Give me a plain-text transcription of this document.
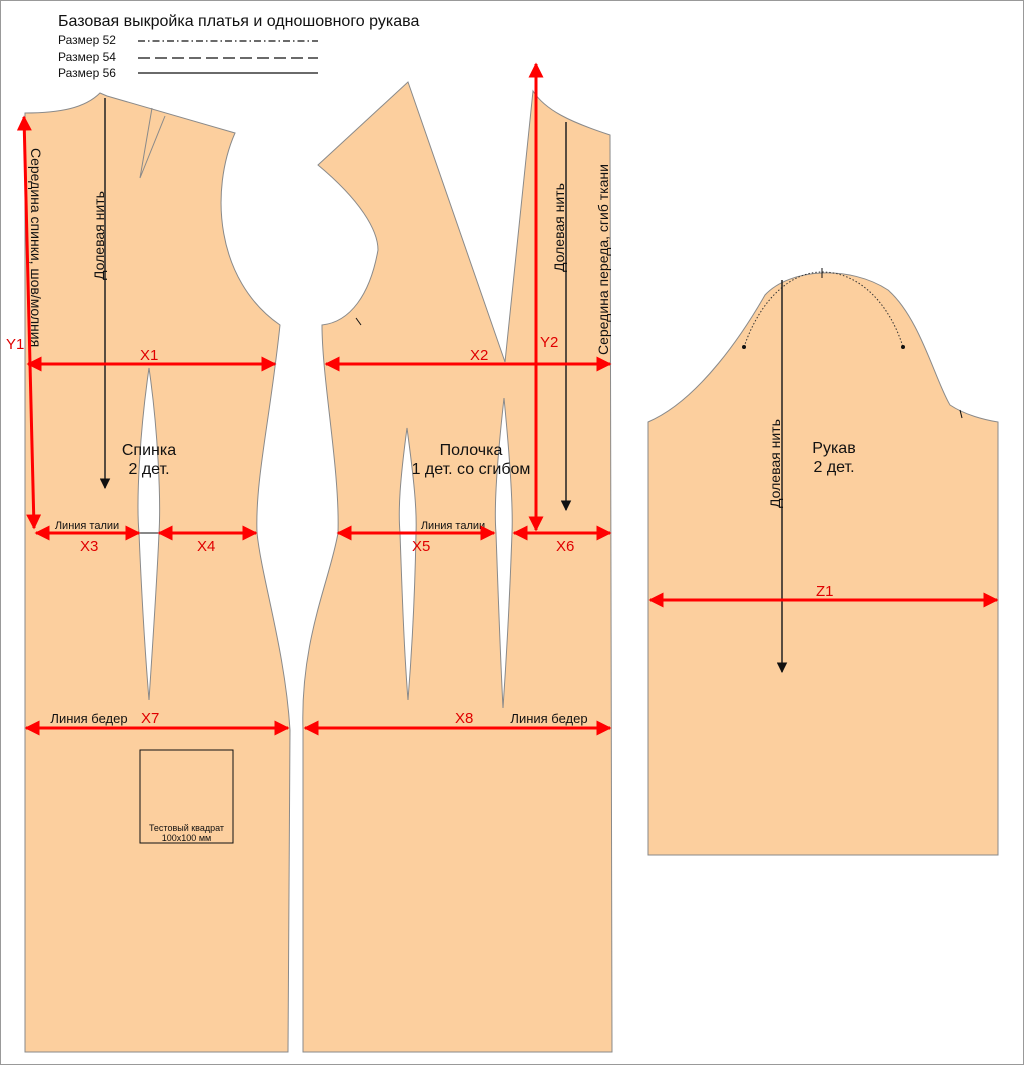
Базовая выкройка платья и одношовного рукава
Размер 52
Размер 54
Размер 56
Тестовый квадрат
100x100 мм
Спинка
2 дет.
Линия талии
Линия бедер
Середина спинки, шов/молния	Долевая нить
Полочка
1 дет. со сгибом
Линия талии
Линия бедер
Середина переда, сгиб ткани
Долевая нить
Рукав
2 дет.
Долевая нить
Y1
X1
X3	X4
X7
X2
Y2
X5	X6
X8
Z1
